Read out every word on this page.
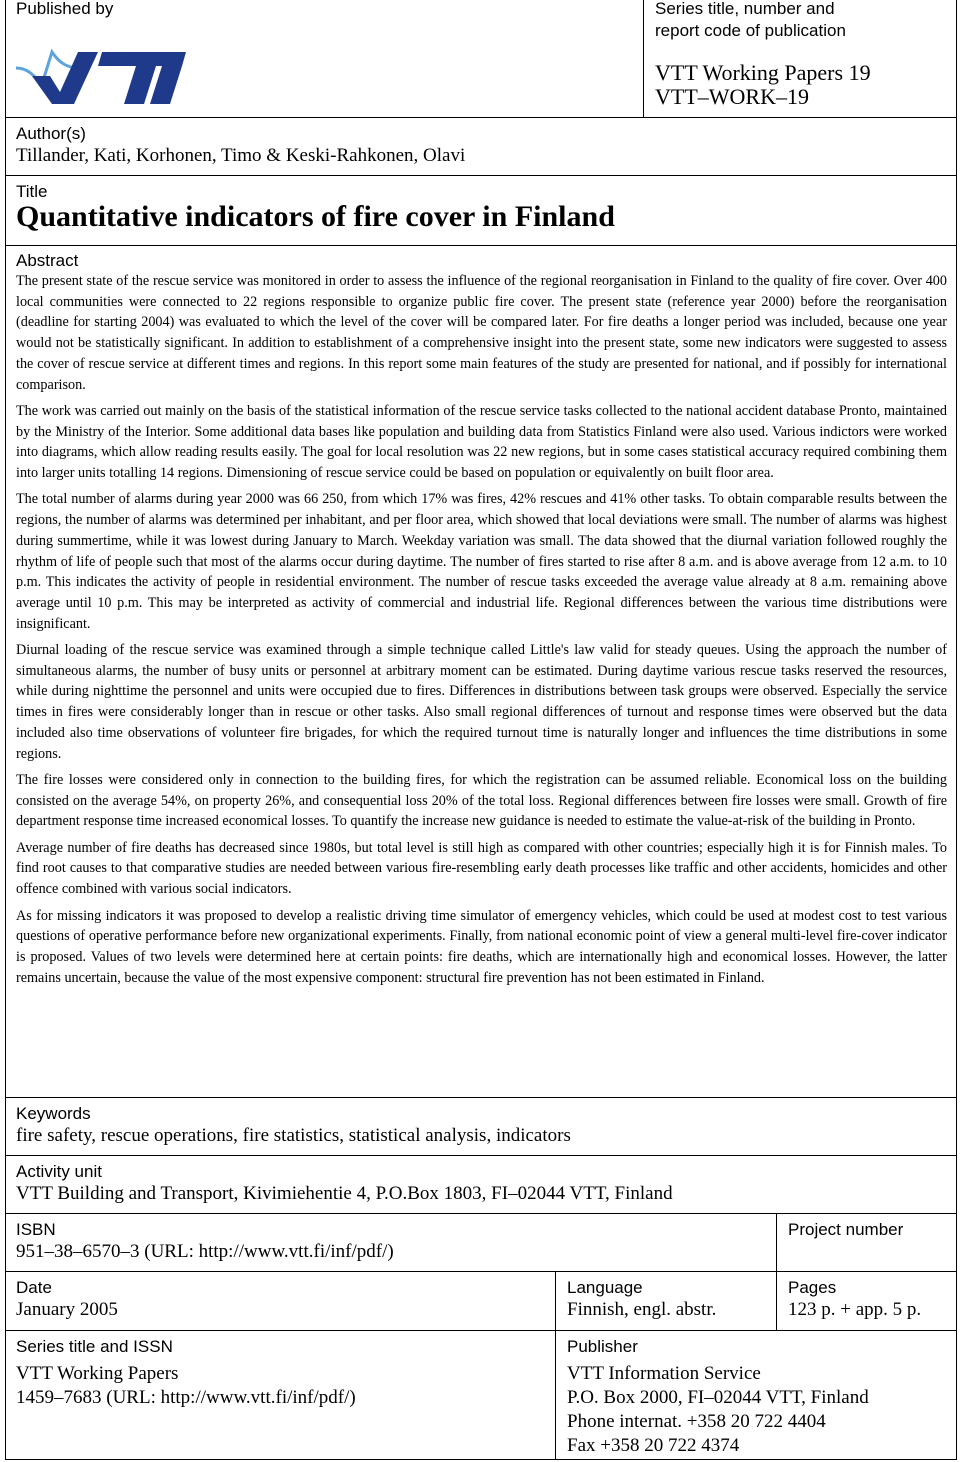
Published by	Series title, number and
report code of publication
VTT Working Papers 19
VTT–WORK–19
Author(s)
Tillander, Kati, Korhonen, Timo & Keski-Rahkonen, Olavi
Title
Quantitative indicators of fire cover in Finland
Abstract

The present state of the rescue service was monitored in order to assess the influence of the regional reorganisation in Finland to the quality of fire cover. Over 400 local communities were connected to 22 regions responsible to organize public fire cover. The present state (reference year 2000) before the reorganisation (deadline for starting 2004) was evaluated to which the level of the cover will be compared later. For fire deaths a longer period was included, because one year would not be statistically significant. In addition to establishment of a comprehensive insight into the present state, some new indicators were suggested to assess the cover of rescue service at different times and regions. In this report some main features of the study are presented for national, and if possibly for international comparison.

The work was carried out mainly on the basis of the statistical information of the rescue service tasks collected to the national accident database Pronto, maintained by the Ministry of the Interior. Some additional data bases like population and building data from Statistics Finland were also used. Various indictors were worked into diagrams, which allow reading results easily. The goal for local resolution was 22 new regions, but in some cases statistical accuracy required combining them into larger units totalling 14 regions. Dimensioning of rescue service could be based on population or equivalently on built floor area.

The total number of alarms during year 2000 was 66 250, from which 17% was fires, 42% rescues and 41% other tasks. To obtain comparable results between the regions, the number of alarms was determined per inhabitant, and per floor area, which showed that local deviations were small. The number of alarms was highest during summertime, while it was lowest during January to March. Weekday variation was small. The data showed that the diurnal variation followed roughly the rhythm of life of people such that most of the alarms occur during daytime. The number of fires started to rise after 8 a.m. and is above average from 12 a.m. to 10 p.m. This indicates the activity of people in residential environment. The number of rescue tasks exceeded the average value already at 8 a.m. remaining above average until 10 p.m. This may be interpreted as activity of commercial and industrial life. Regional differences between the various time distributions were insignificant.

Diurnal loading of the rescue service was examined through a simple technique called Little's law valid for steady queues. Using the approach the number of simultaneous alarms, the number of busy units or personnel at arbitrary moment can be estimated. During daytime various rescue tasks reserved the resources, while during nighttime the personnel and units were occupied due to fires. Differences in distributions between task groups were observed. Especially the service times in fires were considerably longer than in rescue or other tasks. Also small regional differences of turnout and response times were observed but the data included also time observations of volunteer fire brigades, for which the required turnout time is naturally longer and influences the time distributions in some regions.

The fire losses were considered only in connection to the building fires, for which the registration can be assumed reliable. Economical loss on the building consisted on the average 54%, on property 26%, and consequential loss 20% of the total loss. Regional differences between fire losses were small. Growth of fire department response time increased economical losses. To quantify the increase new guidance is needed to estimate the value-at-risk of the building in Pronto.

Average number of fire deaths has decreased since 1980s, but total level is still high as compared with other countries; especially high it is for Finnish males. To find root causes to that comparative studies are needed between various fire-resembling early death processes like traffic and other accidents, homicides and other offence combined with various social indicators.

As for missing indicators it was proposed to develop a realistic driving time simulator of emergency vehicles, which could be used at modest cost to test various questions of operative performance before new organizational experiments. Finally, from national economic point of view a general multi-level fire-cover indicator is proposed. Values of two levels were determined here at certain points: fire deaths, which are internationally high and economical losses. However, the latter remains uncertain, because the value of the most expensive component: structural fire prevention has not been estimated in Finland.

Keywords
fire safety, rescue operations, fire statistics, statistical analysis, indicators
Activity unit
VTT Building and Transport, Kivimiehentie 4, P.O.Box 1803, FI–02044 VTT, Finland
ISBN
951–38–6570–3 (URL: http://www.vtt.fi/inf/pdf/)
Project number
Date
January 2005
Language
Finnish, engl. abstr.
Pages
123 p. + app. 5 p.
Series title and ISSN
VTT Working Papers
1459–7683 (URL: http://www.vtt.fi/inf/pdf/)
Publisher
VTT Information Service
P.O. Box 2000, FI–02044 VTT, Finland
Phone internat. +358 20 722 4404
Fax +358 20 722 4374
